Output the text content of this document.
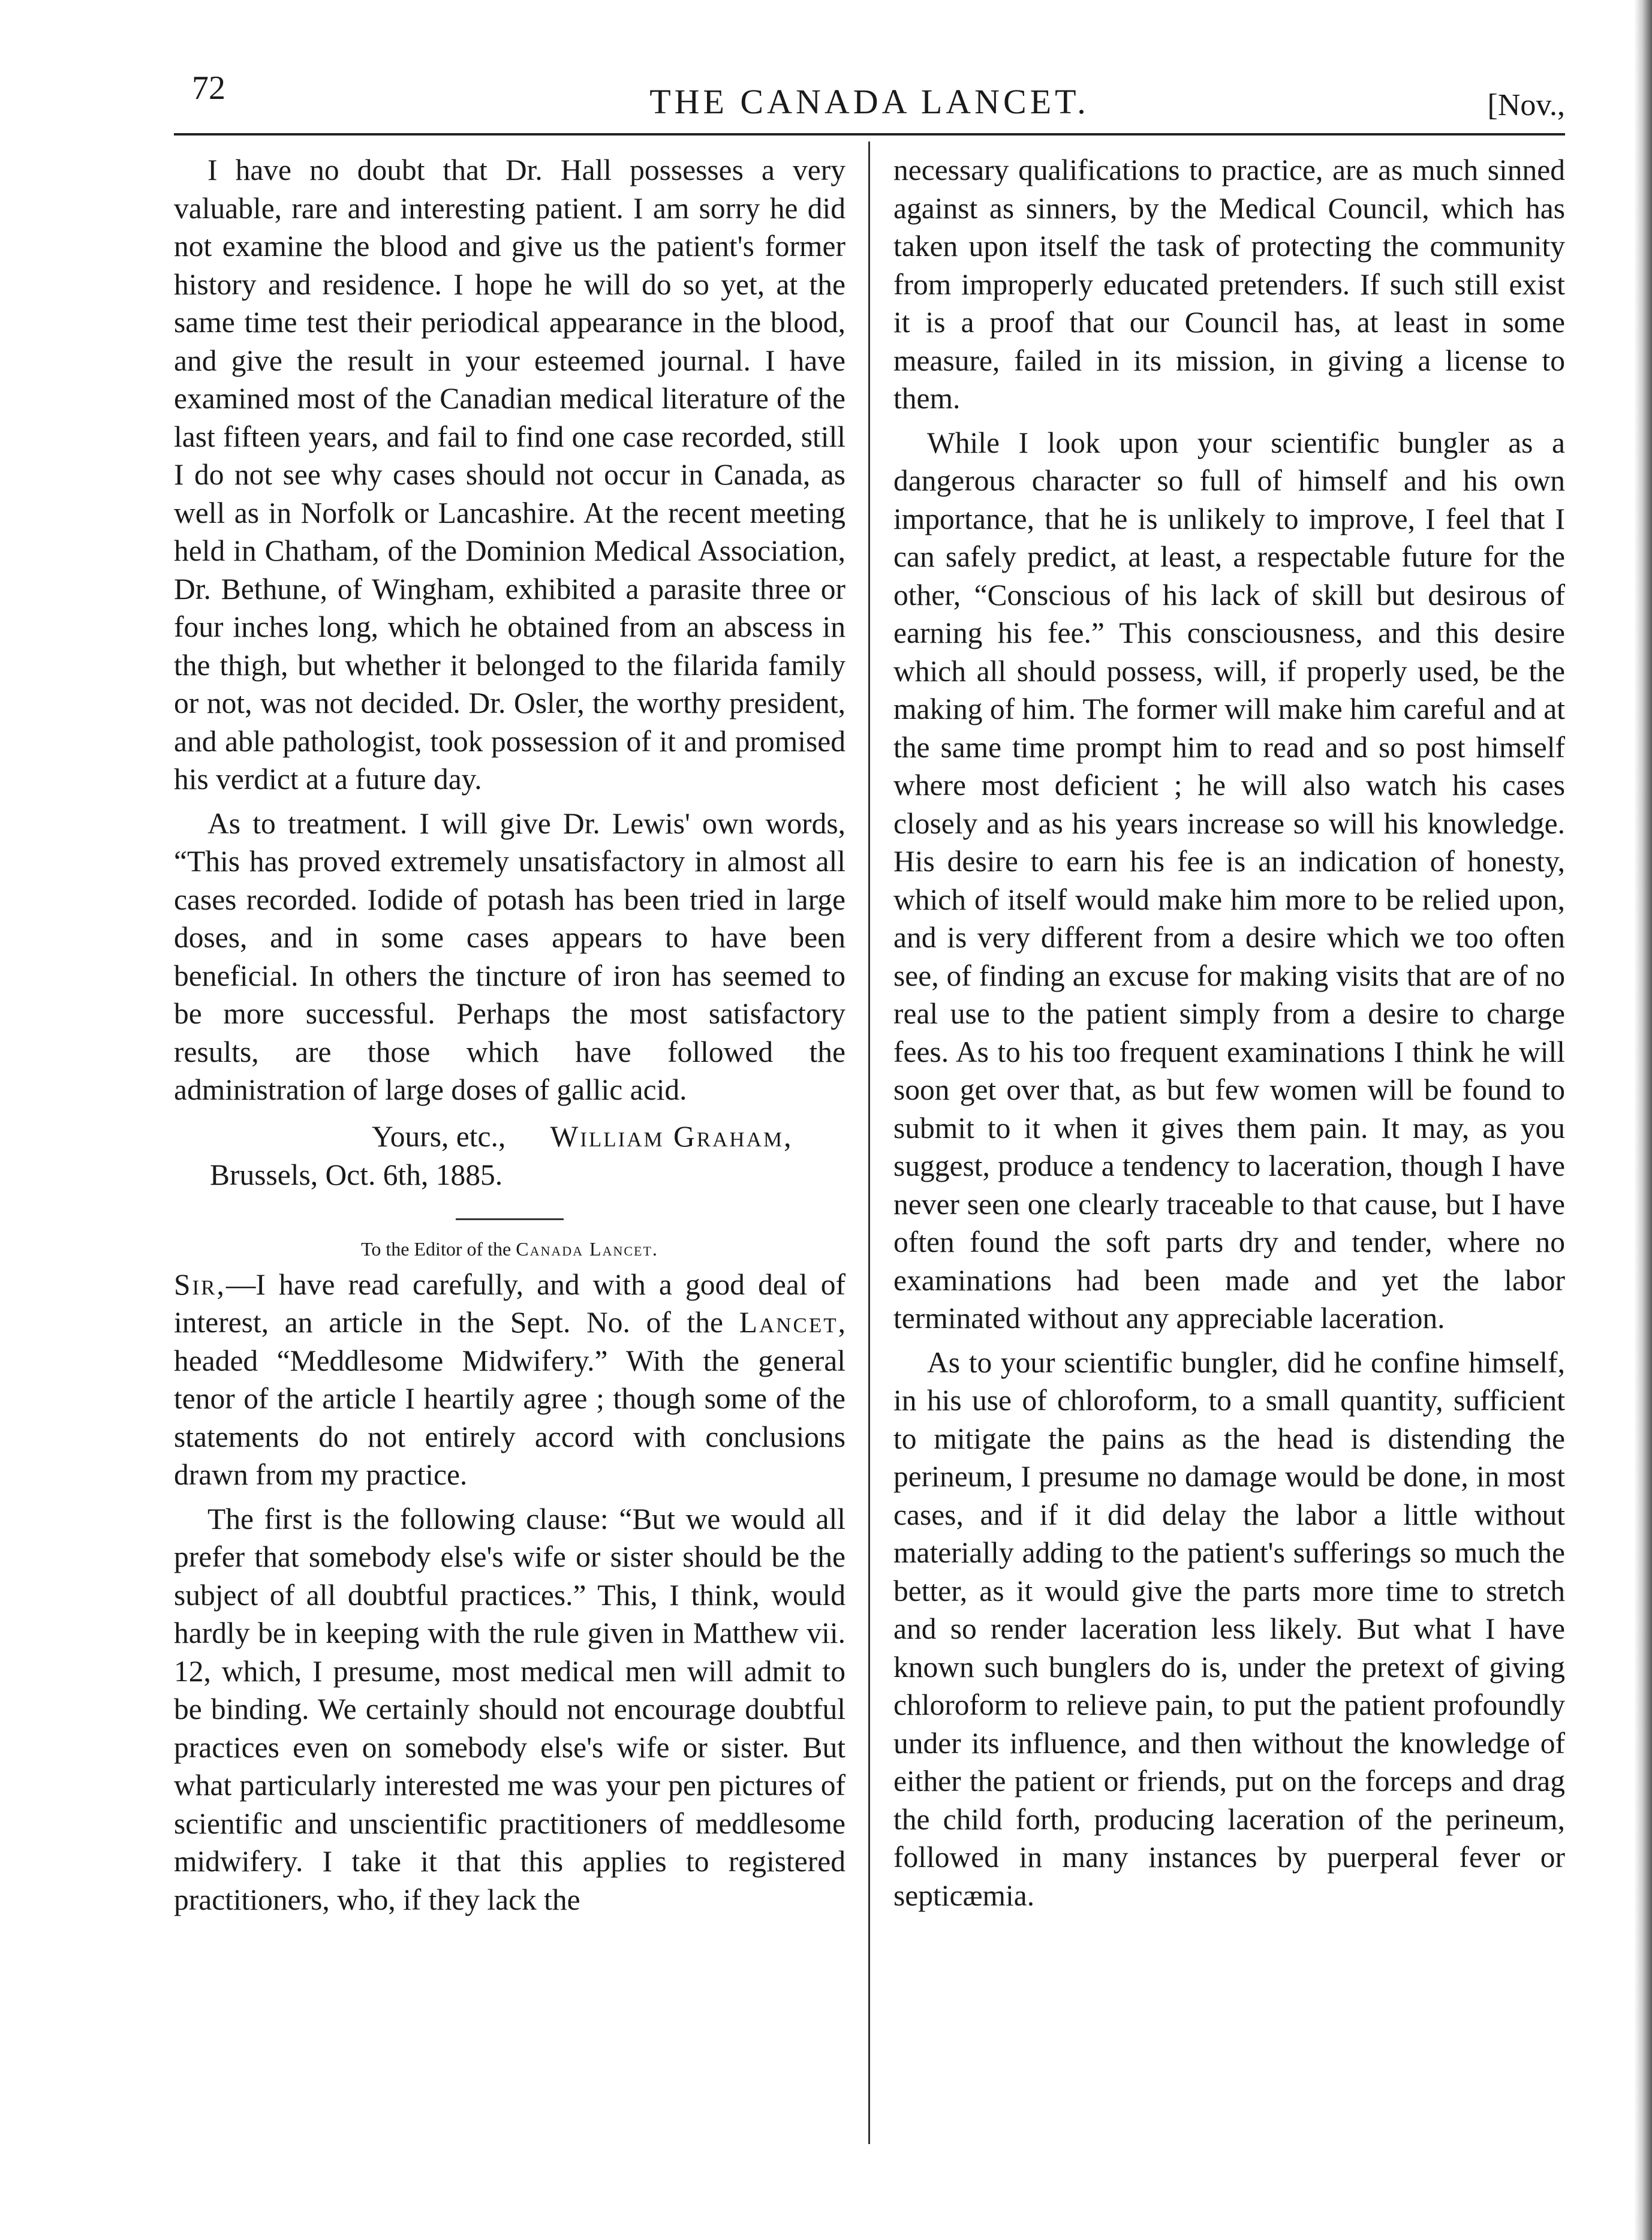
72	THE CANADA LANCET.	[Nov.,

I have no doubt that Dr. Hall possesses a very valuable, rare and interesting patient. I am sorry he did not examine the blood and give us the patient's former history and residence. I hope he will do so yet, at the same time test their periodical appearance in the blood, and give the result in your esteemed journal. I have examined most of the Canadian medical literature of the last fifteen years, and fail to find one case recorded, still I do not see why cases should not occur in Canada, as well as in Norfolk or Lancashire. At the recent meeting held in Chatham, of the Dominion Medical Association, Dr. Bethune, of Wingham, exhibited a parasite three or four inches long, which he obtained from an abscess in the thigh, but whether it belonged to the filarida family or not, was not decided. Dr. Osler, the worthy president, and able pathologist, took possession of it and promised his verdict at a future day.

As to treatment. I will give Dr. Lewis' own words, “This has proved extremely unsatisfactory in almost all cases recorded. Iodide of potash has been tried in large doses, and in some cases appears to have been beneficial. In others the tincture of iron has seemed to be more successful. Perhaps the most satisfactory results, are those which have followed the administration of large doses of gallic acid.

Yours, etc., William Graham,
Brussels, Oct. 6th, 1885.
To the Editor of the Canada Lancet.

Sir,—I have read carefully, and with a good deal of interest, an article in the Sept. No. of the Lancet, headed “Meddlesome Midwifery.” With the general tenor of the article I heartily agree ; though some of the statements do not entirely accord with conclusions drawn from my practice.

The first is the following clause: “But we would all prefer that somebody else's wife or sister should be the subject of all doubtful practices.” This, I think, would hardly be in keeping with the rule given in Matthew vii. 12, which, I presume, most medical men will admit to be binding. We certainly should not encourage doubtful practices even on somebody else's wife or sister. But what particularly interested me was your pen pictures of scientific and unscientific practitioners of meddlesome midwifery. I take it that this applies to registered practitioners, who, if they lack the

necessary qualifications to practice, are as much sinned against as sinners, by the Medical Council, which has taken upon itself the task of protecting the community from improperly educated pretenders. If such still exist it is a proof that our Council has, at least in some measure, failed in its mission, in giving a license to them.

While I look upon your scientific bungler as a dangerous character so full of himself and his own importance, that he is unlikely to improve, I feel that I can safely predict, at least, a respectable future for the other, “Conscious of his lack of skill but desirous of earning his fee.” This consciousness, and this desire which all should possess, will, if properly used, be the making of him. The former will make him careful and at the same time prompt him to read and so post himself where most deficient ; he will also watch his cases closely and as his years increase so will his knowledge. His desire to earn his fee is an indication of honesty, which of itself would make him more to be relied upon, and is very different from a desire which we too often see, of finding an excuse for making visits that are of no real use to the patient simply from a desire to charge fees. As to his too frequent examinations I think he will soon get over that, as but few women will be found to submit to it when it gives them pain. It may, as you suggest, produce a tendency to laceration, though I have never seen one clearly traceable to that cause, but I have often found the soft parts dry and tender, where no examinations had been made and yet the labor terminated without any appreciable laceration.

As to your scientific bungler, did he confine himself, in his use of chloroform, to a small quantity, sufficient to mitigate the pains as the head is distending the perineum, I presume no damage would be done, in most cases, and if it did delay the labor a little without materially adding to the patient's sufferings so much the better, as it would give the parts more time to stretch and so render laceration less likely. But what I have known such bunglers do is, under the pretext of giving chloroform to relieve pain, to put the patient profoundly under its influence, and then without the knowledge of either the patient or friends, put on the forceps and drag the child forth, producing laceration of the perineum, followed in many instances by puerperal fever or septicæmia.
